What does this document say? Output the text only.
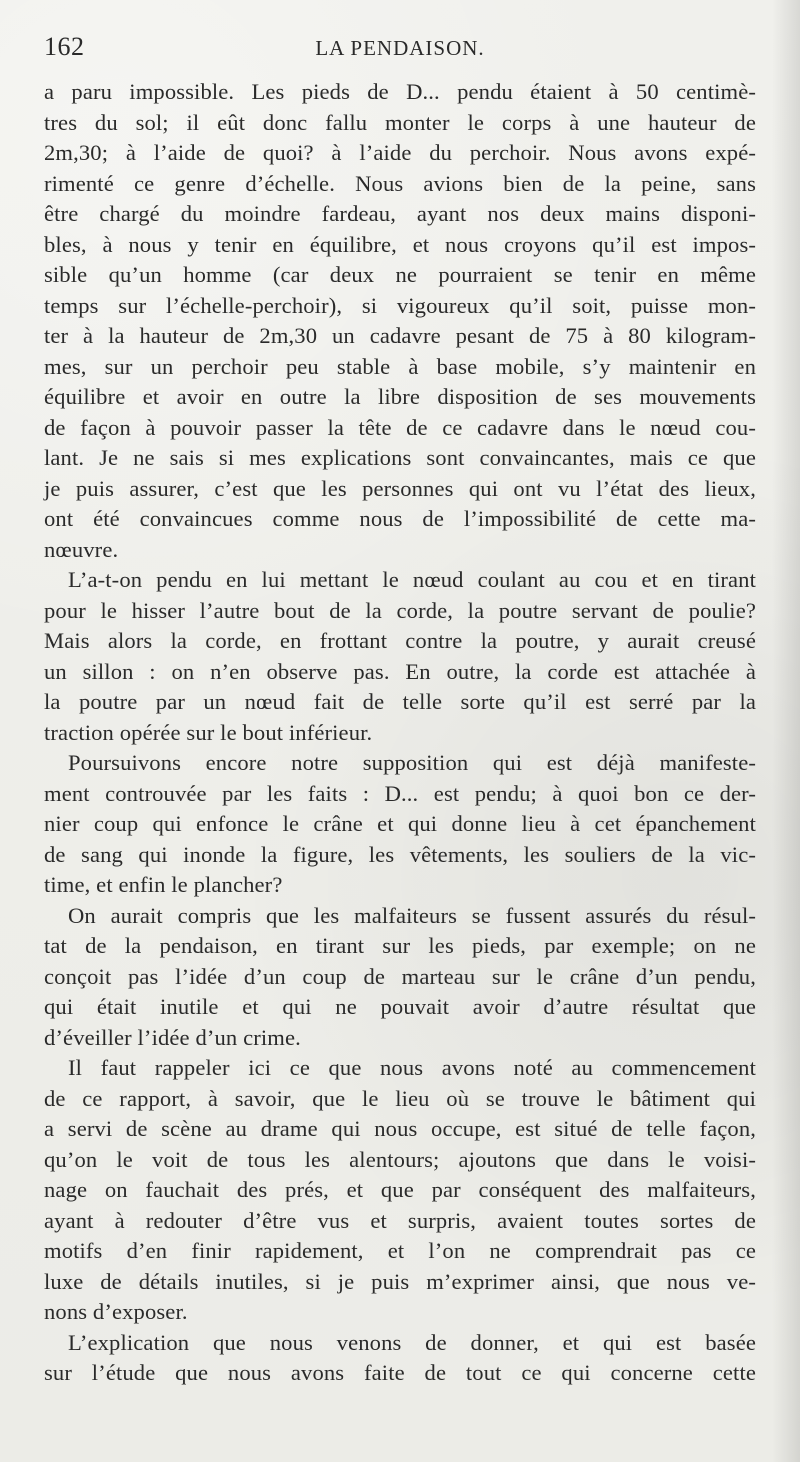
162	LA PENDAISON.
a paru impossible. Les pieds de D... pendu étaient à 50 centimè-
tres du sol; il eût donc fallu monter le corps à une hauteur de
2m,30; à l’aide de quoi? à l’aide du perchoir. Nous avons expé-
rimenté ce genre d’échelle. Nous avions bien de la peine, sans
être chargé du moindre fardeau, ayant nos deux mains disponi-
bles, à nous y tenir en équilibre, et nous croyons qu’il est impos-
sible qu’un homme (car deux ne pourraient se tenir en même
temps sur l’échelle-perchoir), si vigoureux qu’il soit, puisse mon-
ter à la hauteur de 2m,30 un cadavre pesant de 75 à 80 kilogram-
mes, sur un perchoir peu stable à base mobile, s’y maintenir en
équilibre et avoir en outre la libre disposition de ses mouvements
de façon à pouvoir passer la tête de ce cadavre dans le nœud cou-
lant. Je ne sais si mes explications sont convaincantes, mais ce que
je puis assurer, c’est que les personnes qui ont vu l’état des lieux,
ont été convaincues comme nous de l’impossibilité de cette ma-
nœuvre.
L’a-t-on pendu en lui mettant le nœud coulant au cou et en tirant
pour le hisser l’autre bout de la corde, la poutre servant de poulie?
Mais alors la corde, en frottant contre la poutre, y aurait creusé
un sillon : on n’en observe pas. En outre, la corde est attachée à
la poutre par un nœud fait de telle sorte qu’il est serré par la
traction opérée sur le bout inférieur.
Poursuivons encore notre supposition qui est déjà manifeste-
ment controuvée par les faits : D... est pendu; à quoi bon ce der-
nier coup qui enfonce le crâne et qui donne lieu à cet épanchement
de sang qui inonde la figure, les vêtements, les souliers de la vic-
time, et enfin le plancher?
On aurait compris que les malfaiteurs se fussent assurés du résul-
tat de la pendaison, en tirant sur les pieds, par exemple; on ne
conçoit pas l’idée d’un coup de marteau sur le crâne d’un pendu,
qui était inutile et qui ne pouvait avoir d’autre résultat que
d’éveiller l’idée d’un crime.
Il faut rappeler ici ce que nous avons noté au commencement
de ce rapport, à savoir, que le lieu où se trouve le bâtiment qui
a servi de scène au drame qui nous occupe, est situé de telle façon,
qu’on le voit de tous les alentours; ajoutons que dans le voisi-
nage on fauchait des prés, et que par conséquent des malfaiteurs,
ayant à redouter d’être vus et surpris, avaient toutes sortes de
motifs d’en finir rapidement, et l’on ne comprendrait pas ce
luxe de détails inutiles, si je puis m’exprimer ainsi, que nous ve-
nons d’exposer.
L’explication que nous venons de donner, et qui est basée
sur l’étude que nous avons faite de tout ce qui concerne cette
